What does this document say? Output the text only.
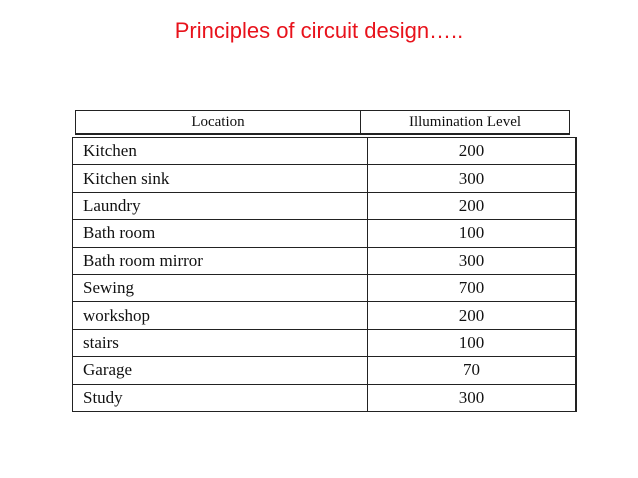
Principles of circuit design…..
Location	Illumination Level
Kitchen	200
Kitchen sink	300
Laundry	200
Bath room	100
Bath room mirror	300
Sewing	700
workshop	200
stairs	100
Garage	70
Study	300
